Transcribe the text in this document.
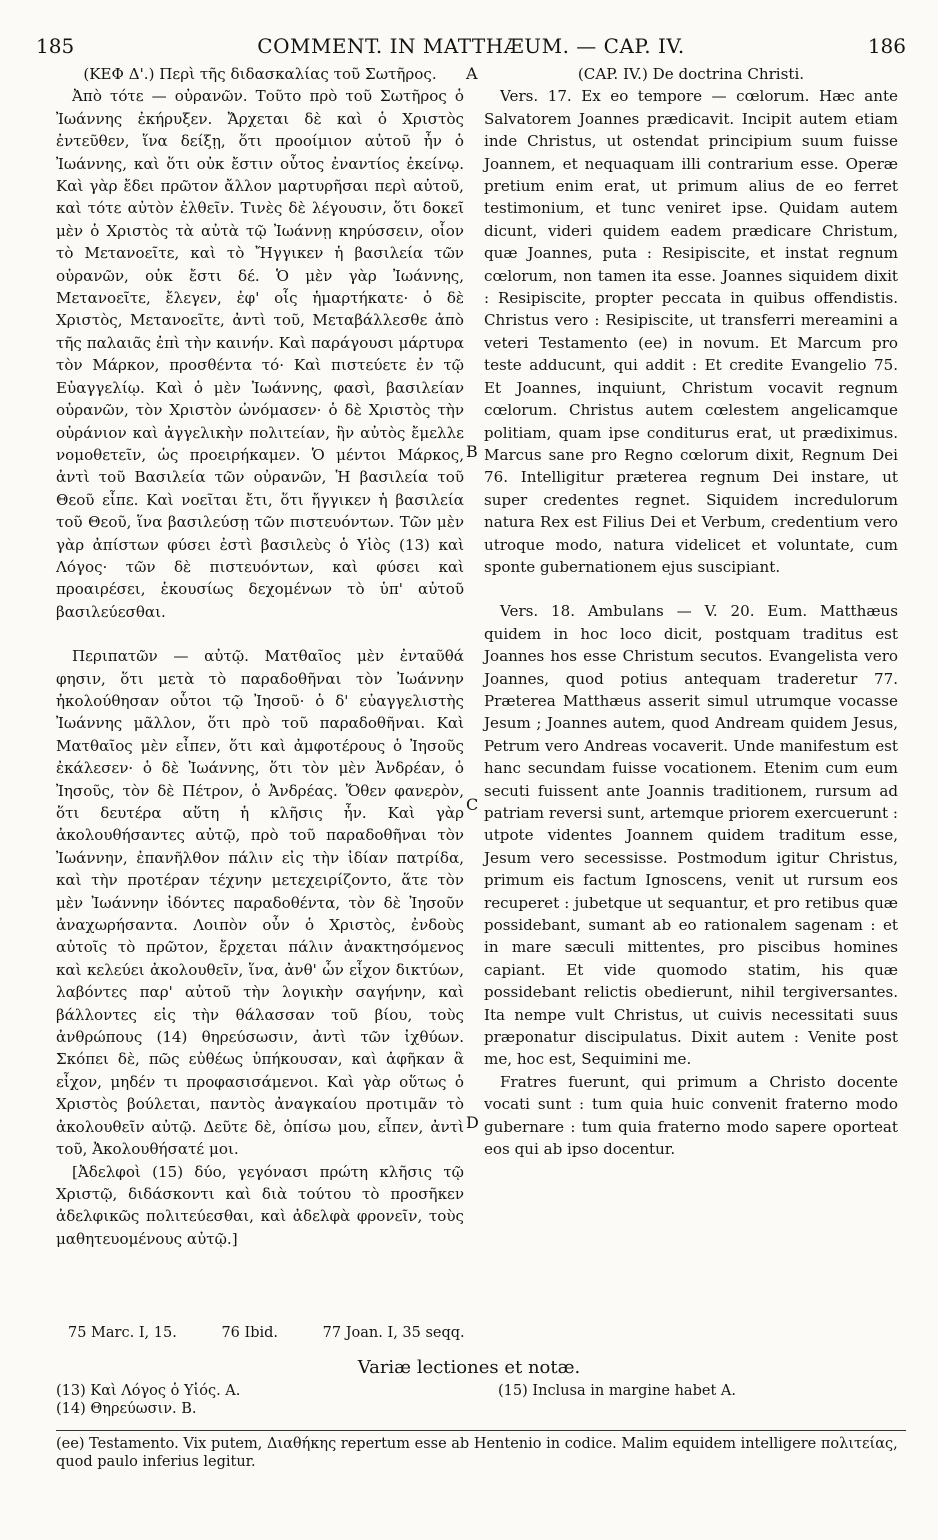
185	COMMENT. IN MATTHÆUM. — CAP. IV.	186

(ΚΕΦ Δ'.) Περὶ τῆς διδασκαλίας τοῦ Σωτῆρος.

Ἀπὸ τότε — οὐρανῶν. Τοῦτο πρὸ τοῦ Σωτῆρος ὁ Ἰωάννης ἐκήρυξεν. Ἄρχεται δὲ καὶ ὁ Χριστὸς ἐντεῦθεν, ἵνα δείξῃ, ὅτι προοίμιον αὐτοῦ ἦν ὁ Ἰωάννης, καὶ ὅτι οὐκ ἔστιν οὗτος ἐναντίος ἐκείνῳ. Καὶ γὰρ ἔδει πρῶτον ἄλλον μαρτυρῆσαι περὶ αὐτοῦ, καὶ τότε αὐτὸν ἐλθεῖν. Τινὲς δὲ λέγουσιν, ὅτι δοκεῖ μὲν ὁ Χριστὸς τὰ αὐτὰ τῷ Ἰωάννῃ κηρύσσειν, οἷον τὸ Μετανοεῖτε, καὶ τὸ Ἤγγικεν ἡ βασιλεία τῶν οὐρανῶν, οὐκ ἔστι δέ. Ὁ μὲν γὰρ Ἰωάννης, Μετανοεῖτε, ἔλεγεν, ἐφ' οἷς ἡμαρτήκατε· ὁ δὲ Χριστὸς, Μετανοεῖτε, ἀντὶ τοῦ, Μεταβάλλεσθε ἀπὸ τῆς παλαιᾶς ἐπὶ τὴν καινήν. Καὶ παράγουσι μάρτυρα τὸν Μάρκον, προσθέντα τό· Καὶ πιστεύετε ἐν τῷ Εὐαγγελίῳ. Καὶ ὁ μὲν Ἰωάννης, φασὶ, βασιλείαν οὐρανῶν, τὸν Χριστὸν ὠνόμασεν· ὁ δὲ Χριστὸς τὴν οὐράνιον καὶ ἀγγελικὴν πολιτείαν, ἣν αὐτὸς ἔμελλε νομοθετεῖν, ὡς προειρήκαμεν. Ὁ μέντοι Μάρκος, ἀντὶ τοῦ Βασιλεία τῶν οὐρανῶν, Ἡ βασιλεία τοῦ Θεοῦ εἶπε. Καὶ νοεῖται ἔτι, ὅτι ἤγγικεν ἡ βασιλεία τοῦ Θεοῦ, ἵνα βασιλεύσῃ τῶν πιστευόντων. Τῶν μὲν γὰρ ἀπίστων φύσει ἐστὶ βασιλεὺς ὁ Υἱὸς (13) καὶ Λόγος· τῶν δὲ πιστευόντων, καὶ φύσει καὶ προαιρέσει, ἑκουσίως δεχομένων τὸ ὑπ' αὐτοῦ βασιλεύεσθαι.

Περιπατῶν — αὐτῷ. Ματθαῖος μὲν ἐνταῦθά φησιν, ὅτι μετὰ τὸ παραδοθῆναι τὸν Ἰωάννην ἠκολούθησαν οὗτοι τῷ Ἰησοῦ· ὁ δ' εὐαγγελιστὴς Ἰωάννης μᾶλλον, ὅτι πρὸ τοῦ παραδοθῆναι. Καὶ Ματθαῖος μὲν εἶπεν, ὅτι καὶ ἀμφοτέρους ὁ Ἰησοῦς ἐκάλεσεν· ὁ δὲ Ἰωάννης, ὅτι τὸν μὲν Ἀνδρέαν, ὁ Ἰησοῦς, τὸν δὲ Πέτρον, ὁ Ἀνδρέας. Ὅθεν φανερὸν, ὅτι δευτέρα αὕτη ἡ κλῆσις ἦν. Καὶ γὰρ ἀκολουθήσαντες αὐτῷ, πρὸ τοῦ παραδοθῆναι τὸν Ἰωάννην, ἐπανῆλθον πάλιν εἰς τὴν ἰδίαν πατρίδα, καὶ τὴν προτέραν τέχνην μετεχειρίζοντο, ἅτε τὸν μὲν Ἰωάννην ἰδόντες παραδοθέντα, τὸν δὲ Ἰησοῦν ἀναχωρήσαντα. Λοιπὸν οὖν ὁ Χριστὸς, ἐνδοὺς αὐτοῖς τὸ πρῶτον, ἔρχεται πάλιν ἀνακτησόμενος καὶ κελεύει ἀκολουθεῖν, ἵνα, ἀνθ' ὧν εἶχον δικτύων, λαβόντες παρ' αὐτοῦ τὴν λογικὴν σαγήνην, καὶ βάλλοντες εἰς τὴν θάλασσαν τοῦ βίου, τοὺς ἀνθρώπους (14) θηρεύσωσιν, ἀντὶ τῶν ἰχθύων. Σκόπει δὲ, πῶς εὐθέως ὑπήκουσαν, καὶ ἀφῆκαν ἃ εἶχον, μηδέν τι προφασισάμενοι. Καὶ γὰρ οὕτως ὁ Χριστὸς βούλεται, παντὸς ἀναγκαίου προτιμᾶν τὸ ἀκολουθεῖν αὐτῷ. Δεῦτε δὲ, ὀπίσω μου, εἶπεν, ἀντὶ τοῦ, Ἀκολουθήσατέ μοι.

[Ἀδελφοὶ (15) δύο, γεγόνασι πρώτη κλῆσις τῷ Χριστῷ, διδάσκοντι καὶ διὰ τούτου τὸ προσῆκεν ἀδελφικῶς πολιτεύεσθαι, καὶ ἀδελφὰ φρονεῖν, τοὺς μαθητευομένους αὐτῷ.]

(CAP. IV.) De doctrina Christi.

Vers. 17. Ex eo tempore — cœlorum. Hæc ante Salvatorem Joannes prædicavit. Incipit autem etiam inde Christus, ut ostendat principium suum fuisse Joannem, et nequaquam illi contrarium esse. Operæ pretium enim erat, ut primum alius de eo ferret testimonium, et tunc veniret ipse. Quidam autem dicunt, videri quidem eadem prædicare Christum, quæ Joannes, puta : Resipiscite, et instat regnum cœlorum, non tamen ita esse. Joannes siquidem dixit : Resipiscite, propter peccata in quibus offendistis. Christus vero : Resipiscite, ut transferri mereamini a veteri Testamento (ee) in novum. Et Marcum pro teste adducunt, qui addit : Et credite Evangelio 75. Et Joannes, inquiunt, Christum vocavit regnum cœlorum. Christus autem cœlestem angelicamque politiam, quam ipse conditurus erat, ut prædiximus. Marcus sane pro Regno cœlorum dixit, Regnum Dei 76. Intelligitur præterea regnum Dei instare, ut super credentes regnet. Siquidem incredulorum natura Rex est Filius Dei et Verbum, credentium vero utroque modo, natura videlicet et voluntate, cum sponte gubernationem ejus suscipiant.

Vers. 18. Ambulans — V. 20. Eum. Matthæus quidem in hoc loco dicit, postquam traditus est Joannes hos esse Christum secutos. Evangelista vero Joannes, quod potius antequam traderetur 77. Præterea Matthæus asserit simul utrumque vocasse Jesum ; Joannes autem, quod Andream quidem Jesus, Petrum vero Andreas vocaverit. Unde manifestum est hanc secundam fuisse vocationem. Etenim cum eum secuti fuissent ante Joannis traditionem, rursum ad patriam reversi sunt, artemque priorem exercuerunt : utpote videntes Joannem quidem traditum esse, Jesum vero secessisse. Postmodum igitur Christus, primum eis factum Ignoscens, venit ut rursum eos recuperet : jubetque ut sequantur, et pro retibus quæ possidebant, sumant ab eo rationalem sagenam : et in mare sæculi mittentes, pro piscibus homines capiant. Et vide quomodo statim, his quæ possidebant relictis obedierunt, nihil tergiversantes. Ita nempe vult Christus, ut cuivis necessitati suus præponatur discipulatus. Dixit autem : Venite post me, hoc est, Sequimini me.

Fratres fuerunt, qui primum a Christo docente vocati sunt : tum quia huic convenit fraterno modo gubernare : tum quia fraterno modo sapere oporteat eos qui ab ipso docentur.

A
B
C
D
75 Marc. I, 15.	76 Ibid.	77 Joan. I, 35 seqq.
Variæ lectiones et notæ.
(13) Καὶ Λόγος ὁ Υἱός. A.
(14) Θηρεύωσιν. B.
(15) Inclusa in margine habet A.
(ee) Testamento. Vix putem, Διαθήκης repertum esse ab Hentenio in codice. Malim equidem intelligere πολιτείας, quod paulo inferius legitur.
